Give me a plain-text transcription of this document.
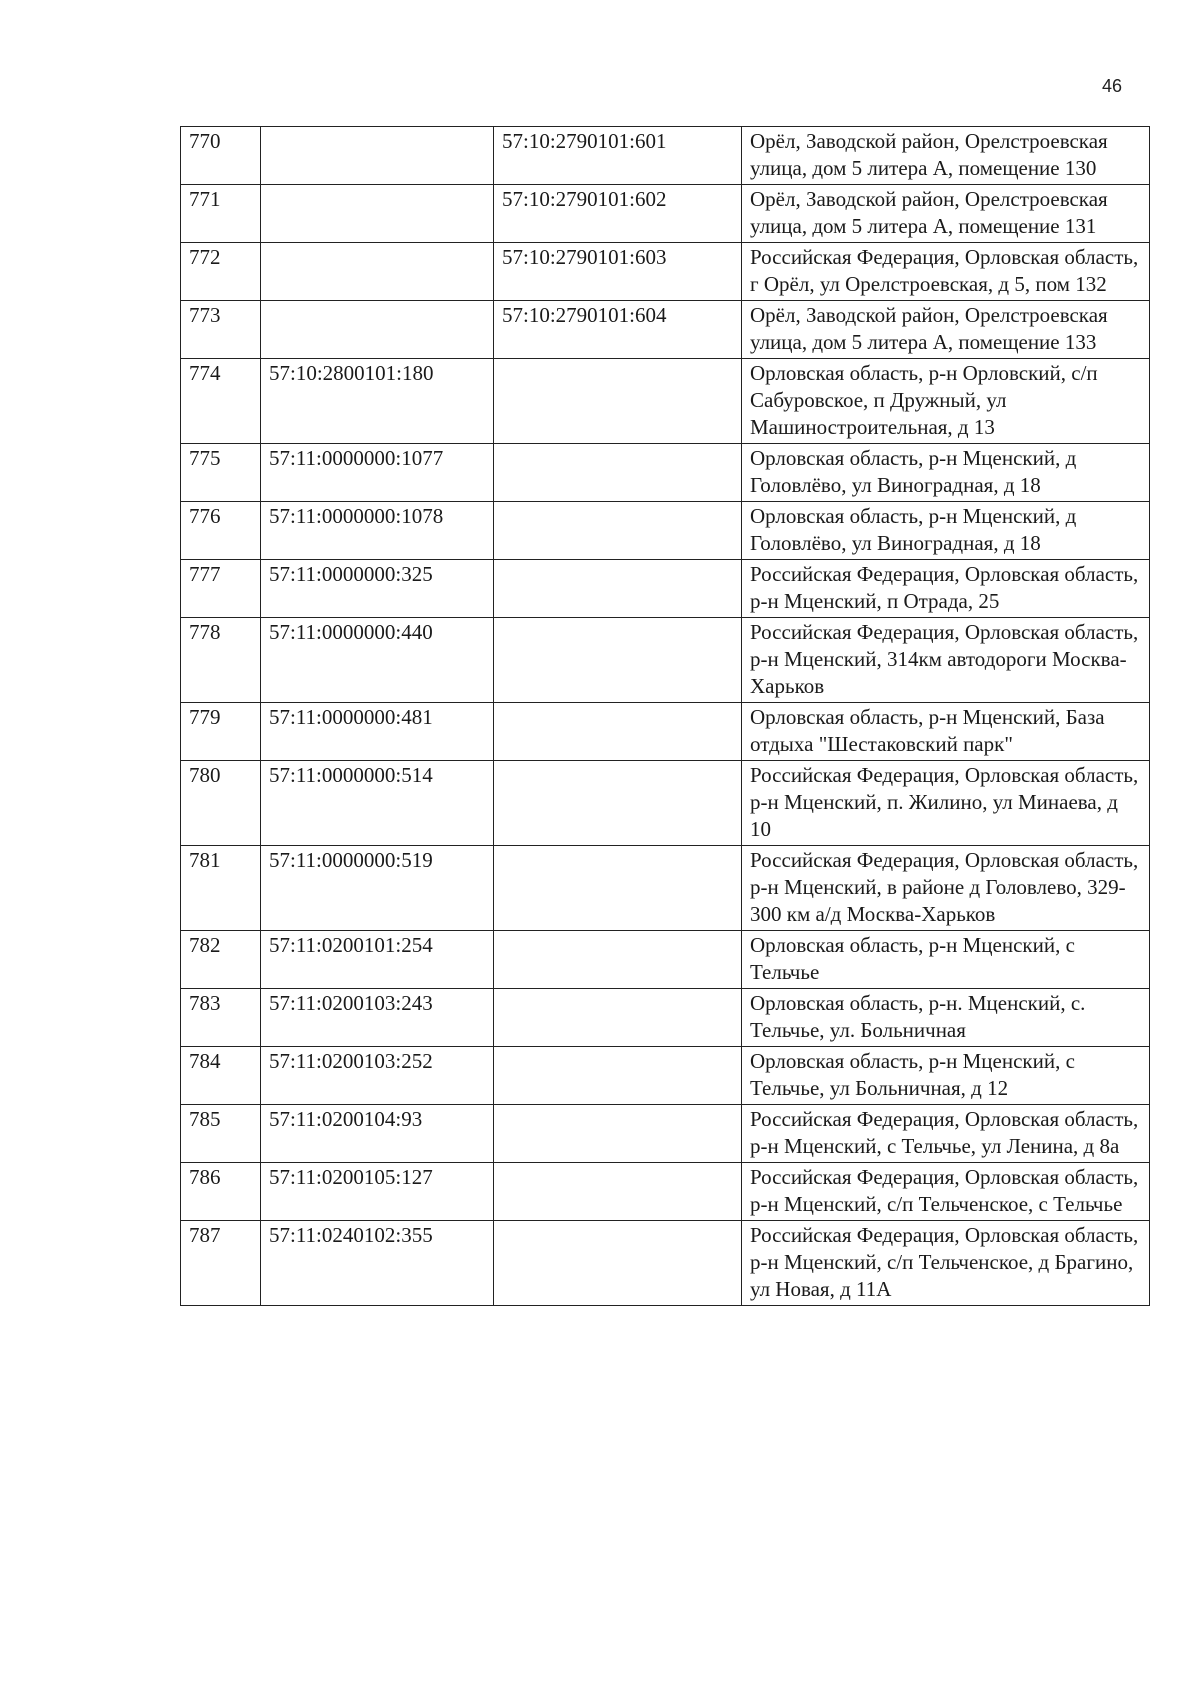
46
770		57:10:2790101:601	Орёл, Заводской район, Орелстроевская улица, дом 5 литера А, помещение 130
771		57:10:2790101:602	Орёл, Заводской район, Орелстроевская улица, дом 5 литера А, помещение 131
772		57:10:2790101:603	Российская Федерация, Орловская область, г Орёл, ул Орелстроевская, д 5, пом 132
773		57:10:2790101:604	Орёл, Заводской район, Орелстроевская улица, дом 5 литера А, помещение 133
774	57:10:2800101:180		Орловская область, р-н Орловский, с/п Сабуровское, п Дружный, ул Машиностроительная, д 13
775	57:11:0000000:1077		Орловская область, р-н Мценский, д Головлёво, ул Виноградная, д 18
776	57:11:0000000:1078		Орловская область, р-н Мценский, д Головлёво, ул Виноградная, д 18
777	57:11:0000000:325		Российская Федерация, Орловская область, р-н Мценский, п Отрада, 25
778	57:11:0000000:440		Российская Федерация, Орловская область, р-н Мценский, 314км автодороги Москва-Харьков
779	57:11:0000000:481		Орловская область, р-н Мценский, База отдыха "Шестаковский парк"
780	57:11:0000000:514		Российская Федерация, Орловская область, р-н Мценский, п. Жилино, ул Минаева, д 10
781	57:11:0000000:519		Российская Федерация, Орловская область, р-н Мценский, в районе д Головлево, 329-300 км а/д Москва-Харьков
782	57:11:0200101:254		Орловская область, р-н Мценский, с Тельчье
783	57:11:0200103:243		Орловская область, р-н. Мценский, с. Тельчье, ул. Больничная
784	57:11:0200103:252		Орловская область, р-н Мценский, с Тельчье, ул Больничная, д 12
785	57:11:0200104:93		Российская Федерация, Орловская область, р-н Мценский, с Тельчье, ул Ленина, д 8а
786	57:11:0200105:127		Российская Федерация, Орловская область, р-н Мценский, с/п Тельченское, с Тельчье
787	57:11:0240102:355		Российская Федерация, Орловская область, р-н Мценский, с/п Тельченское, д Брагино, ул Новая, д 11А
